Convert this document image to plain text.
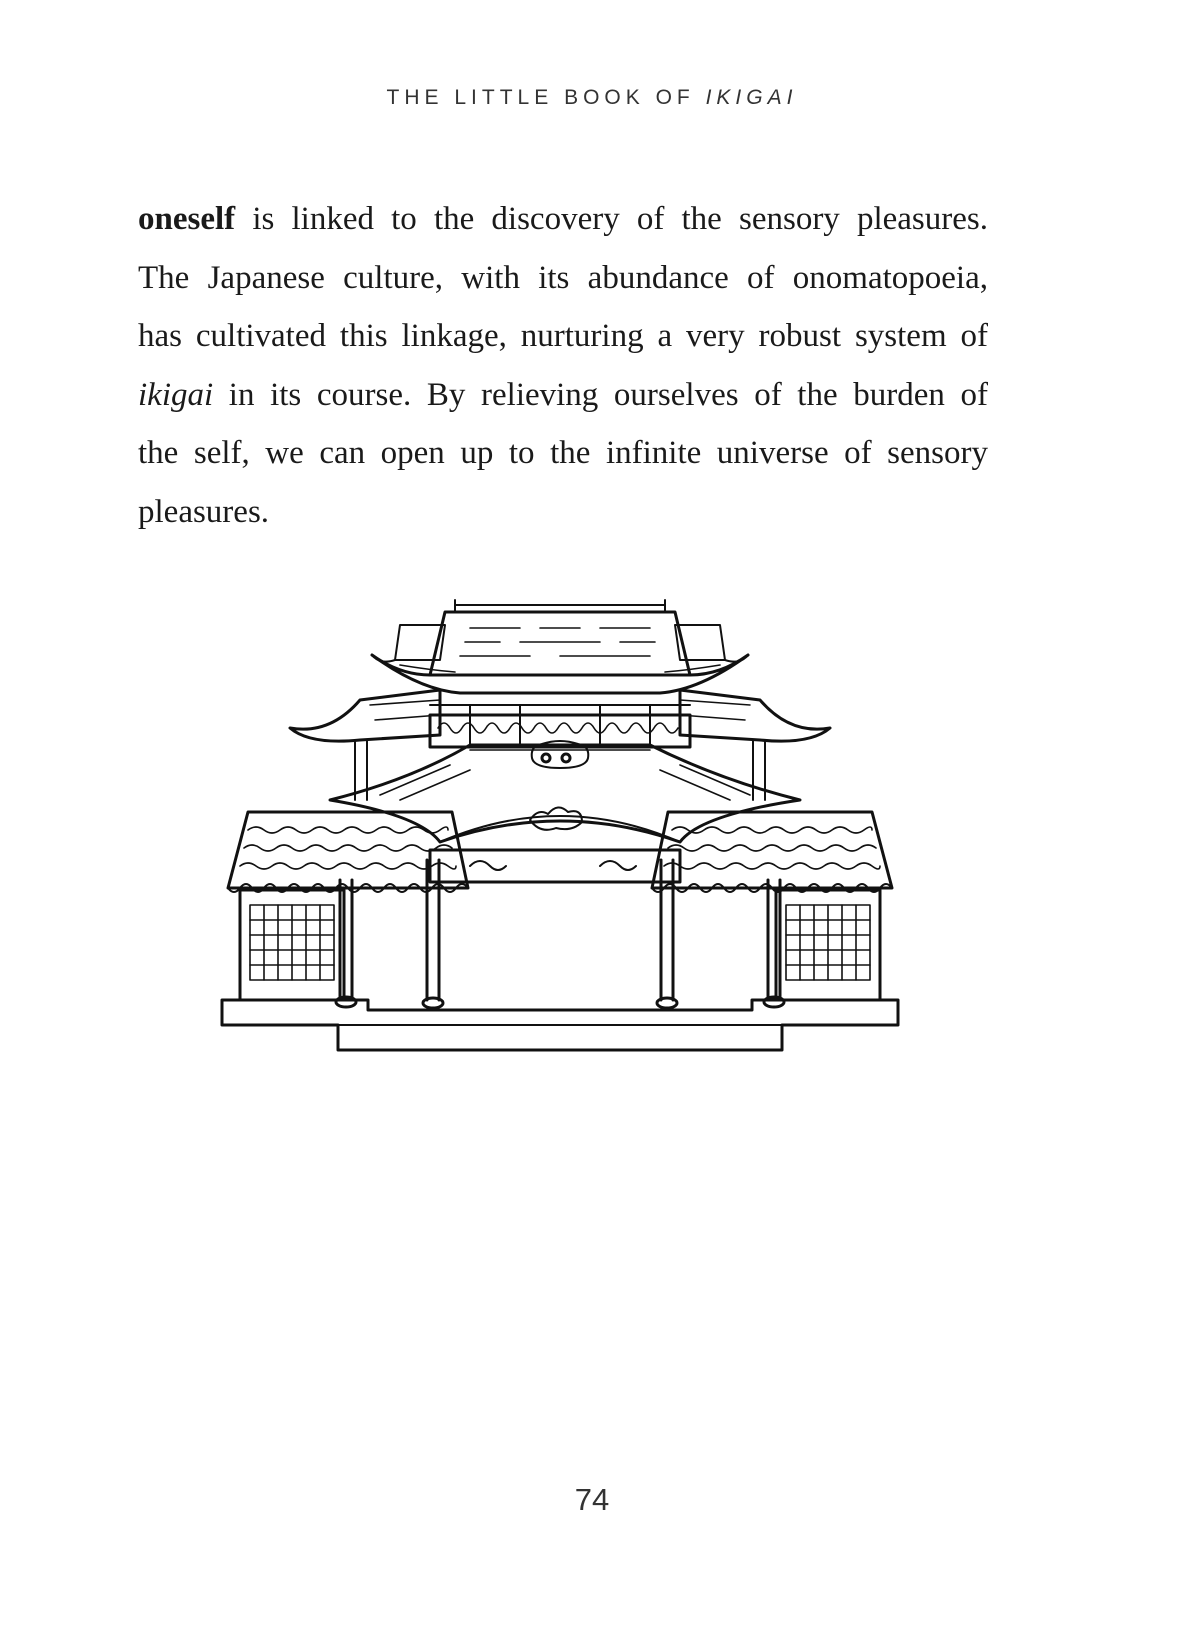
THE LITTLE BOOK OF IKIGAI
oneself is linked to the discovery of the sensory pleasures.
The Japanese culture, with its abundance of onomatopoeia,
has cultivated this linkage, nurturing a very robust system of
ikigai in its course. By relieving ourselves of the burden of
the self, we can open up to the infinite universe of sensory
pleasures.
74
